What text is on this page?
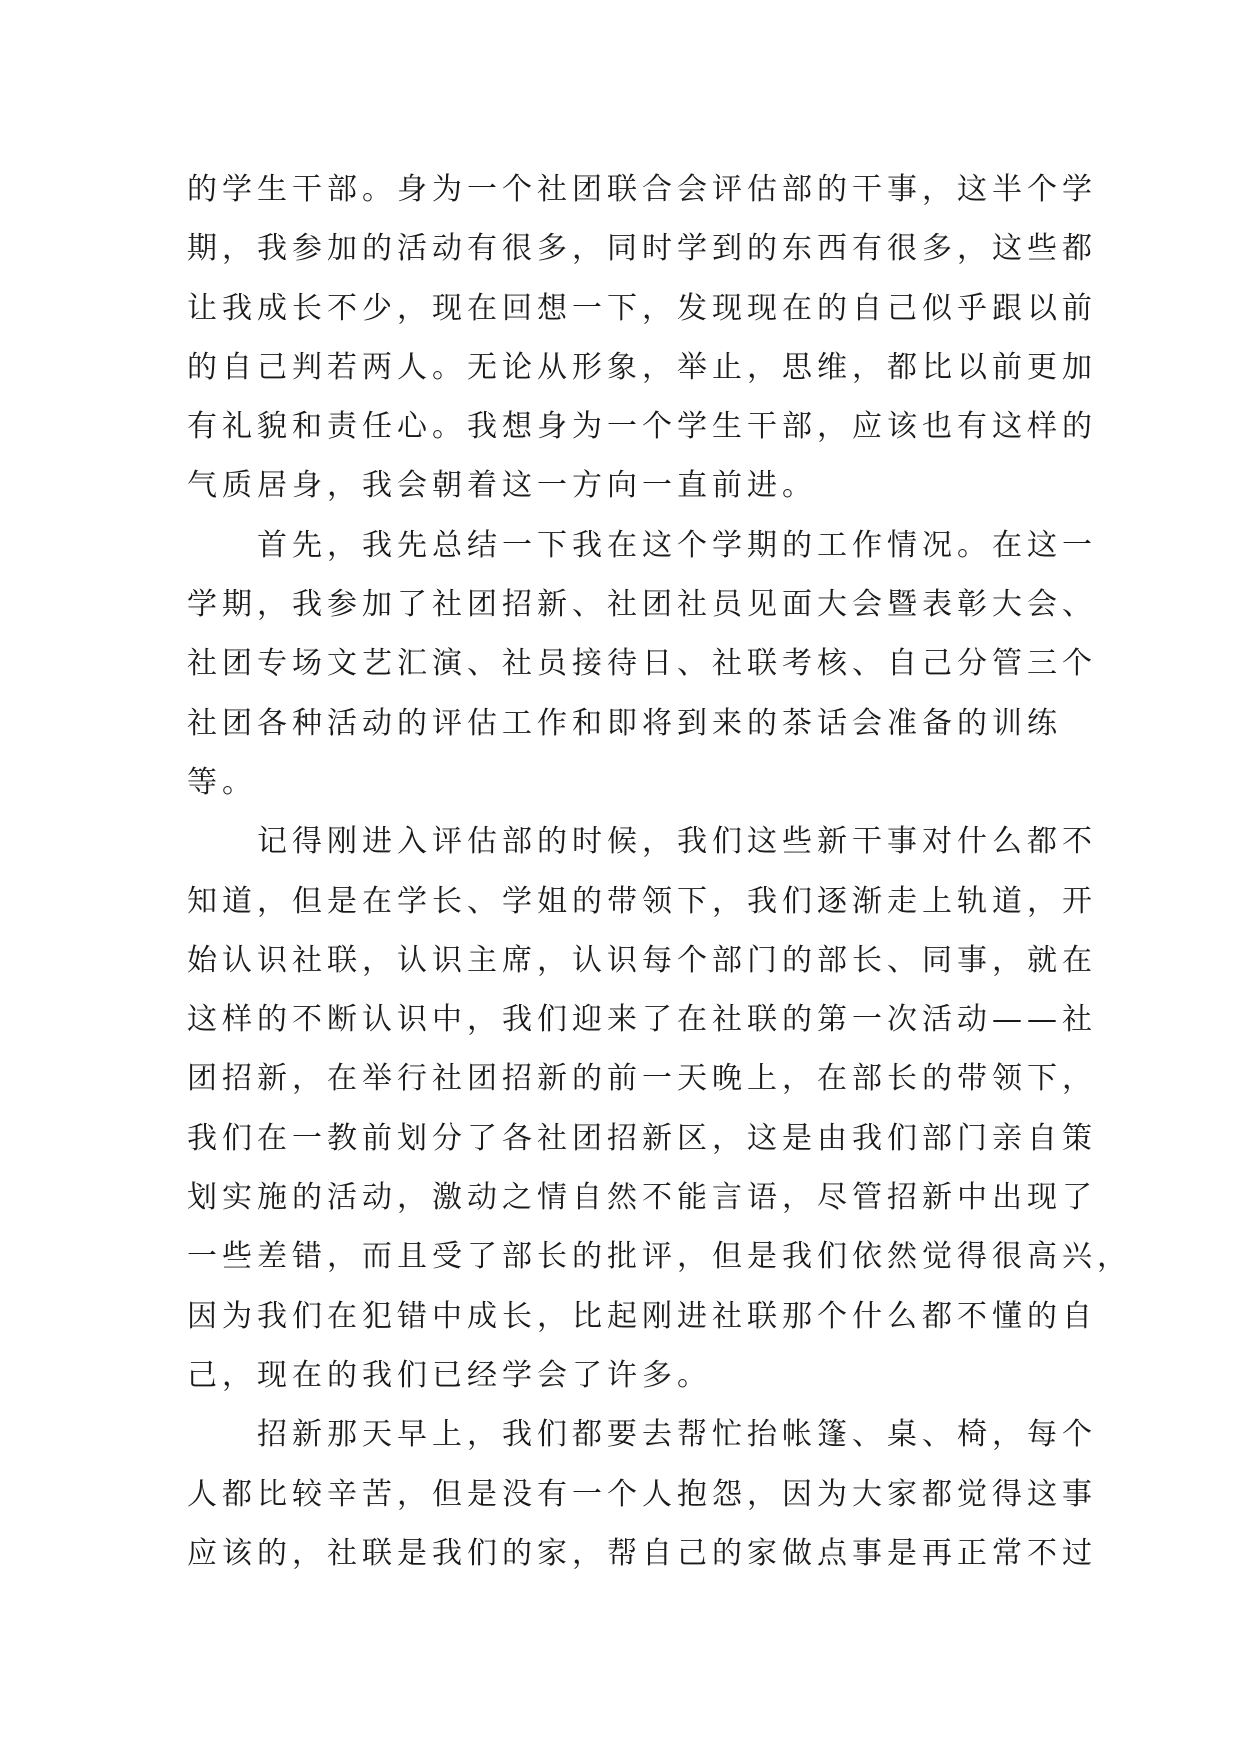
的学生干部。身为一个社团联合会评估部的干事，这半个学
期，我参加的活动有很多，同时学到的东西有很多，这些都
让我成长不少，现在回想一下，发现现在的自己似乎跟以前
的自己判若两人。无论从形象，举止，思维，都比以前更加
有礼貌和责任心。我想身为一个学生干部，应该也有这样的
气质居身，我会朝着这一方向一直前进。
　　首先，我先总结一下我在这个学期的工作情况。在这一
学期，我参加了社团招新、社团社员见面大会暨表彰大会、
社团专场文艺汇演、社员接待日、社联考核、自己分管三个
社团各种活动的评估工作和即将到来的茶话会准备的训练
等。
　　记得刚进入评估部的时候，我们这些新干事对什么都不
知道，但是在学长、学姐的带领下，我们逐渐走上轨道，开
始认识社联，认识主席，认识每个部门的部长、同事，就在
这样的不断认识中，我们迎来了在社联的第一次活动——社
团招新，在举行社团招新的前一天晚上，在部长的带领下，
我们在一教前划分了各社团招新区，这是由我们部门亲自策
划实施的活动，激动之情自然不能言语，尽管招新中出现了
一些差错，而且受了部长的批评，但是我们依然觉得很高兴，
因为我们在犯错中成长，比起刚进社联那个什么都不懂的自
己，现在的我们已经学会了许多。
　　招新那天早上，我们都要去帮忙抬帐篷、桌、椅，每个
人都比较辛苦，但是没有一个人抱怨，因为大家都觉得这事
应该的，社联是我们的家，帮自己的家做点事是再正常不过
